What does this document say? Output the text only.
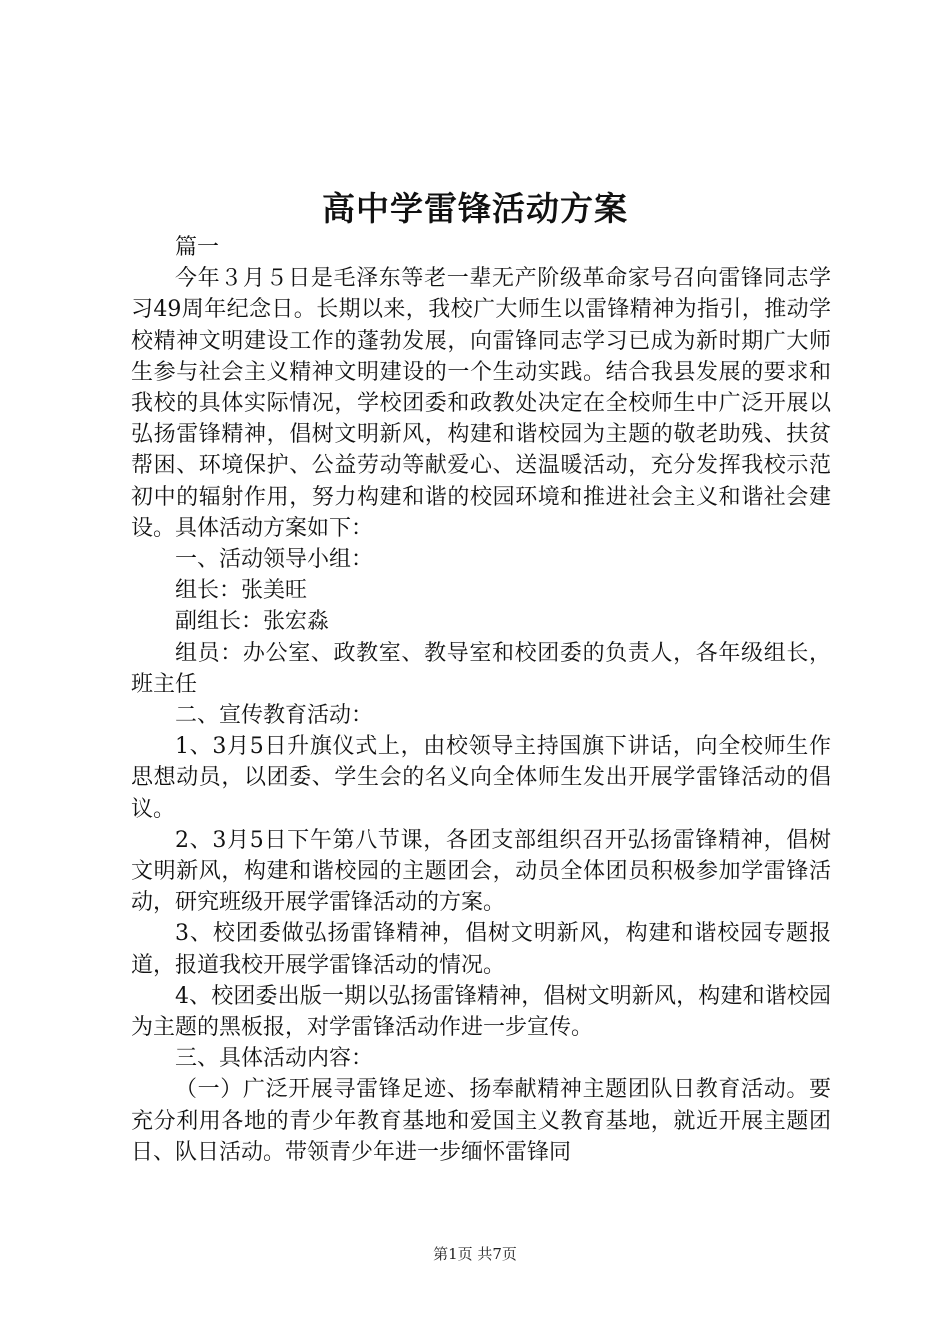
高中学雷锋活动方案

篇一

今年３月５日是毛泽东等老一辈无产阶级革命家号召向雷锋同志学习49周年纪念日。长期以来，我校广大师生以雷锋精神为指引，推动学校精神文明建设工作的蓬勃发展，向雷锋同志学习已成为新时期广大师生参与社会主义精神文明建设的一个生动实践。结合我县发展的要求和我校的具体实际情况，学校团委和政教处决定在全校师生中广泛开展以弘扬雷锋精神，倡树文明新风，构建和谐校园为主题的敬老助残、扶贫帮困、环境保护、公益劳动等献爱心、送温暖活动，充分发挥我校示范初中的辐射作用，努力构建和谐的校园环境和推进社会主义和谐社会建设。具体活动方案如下：

一、活动领导小组：

组长：张美旺

副组长：张宏淼

组员：办公室、政教室、教导室和校团委的负责人，各年级组长，班主任

二、宣传教育活动：

1、3月5日升旗仪式上，由校领导主持国旗下讲话，向全校师生作思想动员，以团委、学生会的名义向全体师生发出开展学雷锋活动的倡议。

2、3月5日下午第八节课，各团支部组织召开弘扬雷锋精神，倡树文明新风，构建和谐校园的主题团会，动员全体团员积极参加学雷锋活动，研究班级开展学雷锋活动的方案。

3、校团委做弘扬雷锋精神，倡树文明新风，构建和谐校园专题报道，报道我校开展学雷锋活动的情况。

4、校团委出版一期以弘扬雷锋精神，倡树文明新风，构建和谐校园为主题的黑板报，对学雷锋活动作进一步宣传。

三、具体活动内容：

（一）广泛开展寻雷锋足迹、扬奉献精神主题团队日教育活动。要充分利用各地的青少年教育基地和爱国主义教育基地，就近开展主题团日、队日活动。带领青少年进一步缅怀雷锋同

第1页 共7页
